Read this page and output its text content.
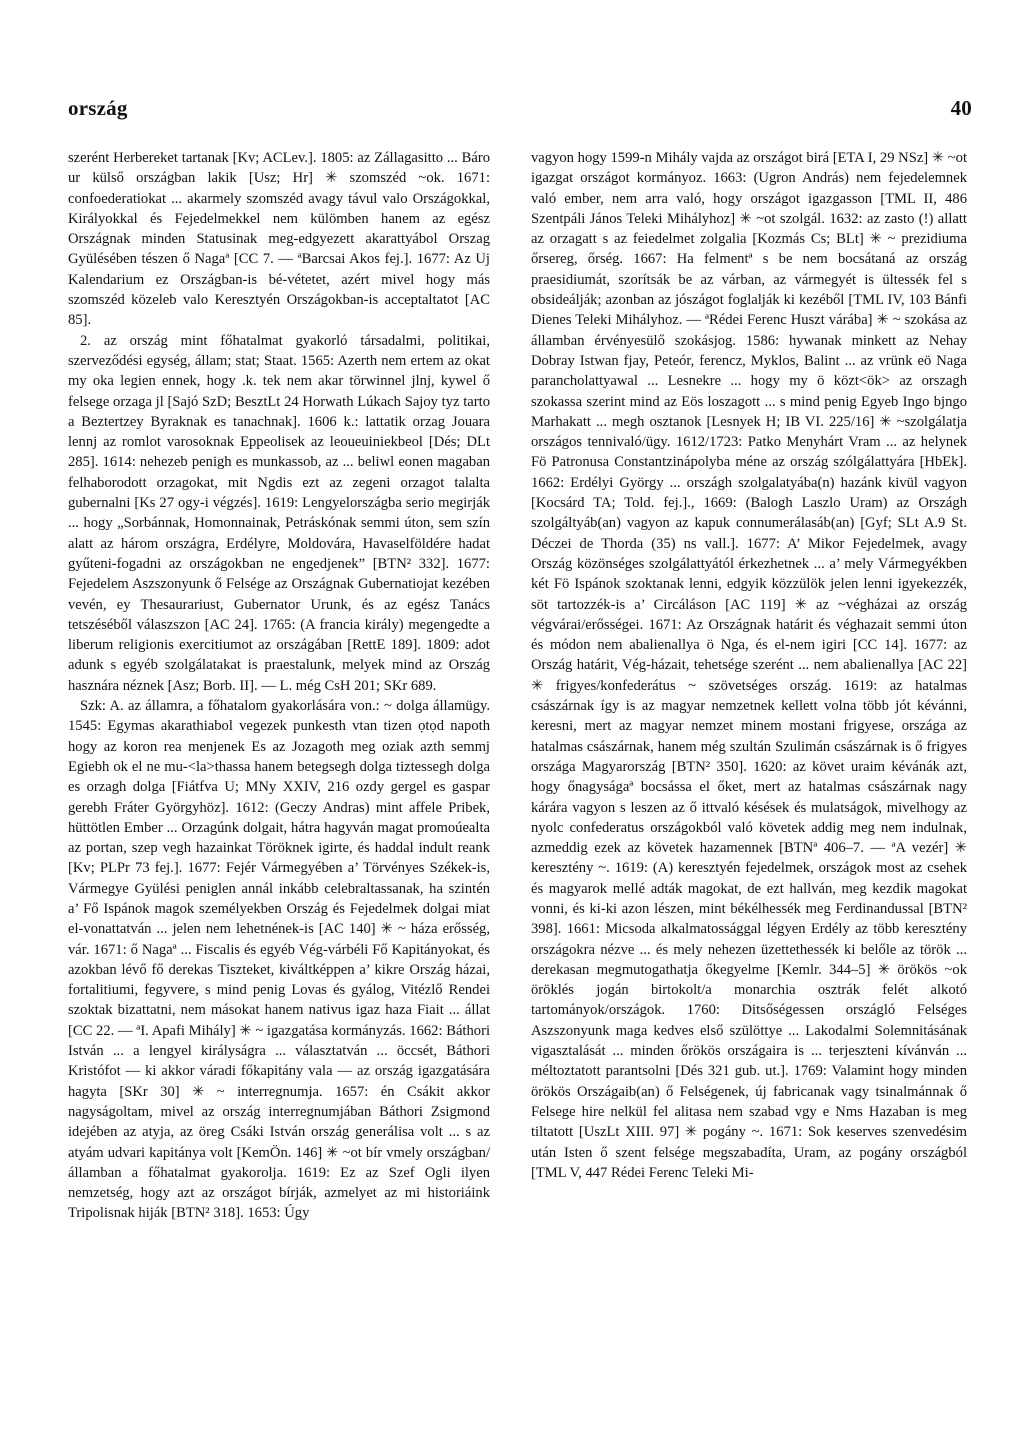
ország	40

szerént Herbereket tartanak [Kv; ACLev.]. 1805: az Zállagasitto ... Báro ur külső országban lakik [Usz; Hr] ✳ szomszéd ~ok. 1671: confoederatiokat ... akarmely szomszéd avagy távul valo Országokkal, Királyokkal és Fejedelmekkel nem külömben hanem az egész Országnak minden Statusinak meg-edgyezett akarattyábol Orszag Gyülésében tészen ő Nagaª [CC 7. — ªBarcsai Akos fej.]. 1677: Az Uj Kalendarium ez Országban-is bé-vétetet, azért mivel hogy más szomszéd közeleb valo Keresztyén Országokban-is acceptaltatot [AC 85].

2. az ország mint főhatalmat gyakorló társadalmi, politikai, szerveződési egység, állam; stat; Staat. 1565: Azerth nem ertem az okat my oka legien ennek, hogy .k. tek nem akar törwinnel jlnj, kywel ő felsege orzaga jl [Sajó SzD; BesztLt 24 Horwath Lúkach Sajoy tyz tarto a Beztertzey Byraknak es tanachnak]. 1606 k.: lattatik orzag Jouara lennj az romlot varosoknak Eppeolisek az leoueuiniekbeol [Dés; DLt 285]. 1614: nehezeb penigh es munkassob, az ... beliwl eonen magaban felhaborodott orzagokat, mit Ngdis ezt az zegeni orzagot talalta gubernalni [Ks 27 ogy-i végzés]. 1619: Lengyelországba serio megirják ... hogy „Sorbánnak, Homonnainak, Petráskónak semmi úton, sem szín alatt az három országra, Erdélyre, Moldovára, Havaselföldére hadat gyűteni-fogadni az országokban ne engedjenek” [BTN² 332]. 1677: Fejedelem Aszszonyunk ő Felsége az Országnak Gubernatiojat kezében vevén, ey Thesaurariust, Gubernator Urunk, és az egész Tanács tetszéséből válaszszon [AC 24]. 1765: (A francia király) megengedte a liberum religionis exercitiumot az országában [RettE 189]. 1809: adot adunk s egyéb szolgálatakat is praestalunk, melyek mind az Ország hasznára néznek [Asz; Borb. II]. — L. még CsH 201; SKr 689.

Szk: A. az államra, a főhatalom gyakorlására von.: ~ dolga államügy. 1545: Egymas akarathiabol vegezek punkesth vtan tizen ọtọd napoth hogy az koron rea menjenek Es az Jozagoth meg oziak azth semmj Egiebh ok el ne mu-<la>thassa hanem betegsegh dolga tiztessegh dolga es orzagh dolga [Fiátfva U; MNy XXIV, 216 ozdy gergel es gaspar gerebh Fráter Györgyhöz]. 1612: (Geczy Andras) mint affele Pribek, hüttötlen Ember ... Orzagúnk dolgait, hátra hagyván magat promoúealta az portan, szep vegh hazainkat Töröknek igirte, és haddal indult reank [Kv; PLPr 73 fej.]. 1677: Fejér Vármegyében a’ Törvényes Székek-is, Vármegye Gyülési peniglen annál inkább celebraltassanak, ha szintén a’ Fő Ispánok magok személyekben Ország és Fejedelmek dolgai miat el-vonattatván ... jelen nem lehetnének-is [AC 140] ✳ ~ háza erősség, vár. 1671: ő Nagaª ... Fiscalis és egyéb Vég-várbéli Fő Kapitányokat, és azokban lévő fő derekas Tiszteket, kiváltképpen a’ kikre Ország házai, fortalitiumi, fegyvere, s mind penig Lovas és gyálog, Vitézlő Rendei szoktak bizattatni, nem másokat hanem nativus igaz haza Fiait ... állat [CC 22. — ªI. Apafi Mihály] ✳ ~ igazgatása kormányzás. 1662: Báthori István ... a lengyel királyságra ... választatván ... öccsét, Báthori Kristófot — ki akkor váradi főkapitány vala — az ország igazgatására hagyta [SKr 30] ✳ ~ interregnumja. 1657: én Csákit akkor nagyságoltam, mivel az ország interregnumjában Báthori Zsigmond idejében az atyja, az öreg Csáki István ország generálisa volt ... s az atyám udvari kapitánya volt [KemÖn. 146] ✳ ~ot bír vmely országban/államban a főhatalmat gyakorolja. 1619: Ez az Szef Ogli ilyen nemzetség, hogy azt az országot bírják, azmelyet az mi historiáink Tripolisnak hiják [BTN² 318]. 1653: Úgy

vagyon hogy 1599-n Mihály vajda az országot birá [ETA I, 29 NSz] ✳ ~ot igazgat országot kormányoz. 1663: (Ugron András) nem fejedelemnek való ember, nem arra való, hogy országot igazgasson [TML II, 486 Szentpáli János Teleki Mihályhoz] ✳ ~ot szolgál. 1632: az zasto (!) allatt az orzagatt s az feiedelmet zolgalia [Kozmás Cs; BLt] ✳ ~ prezidiuma őrsereg, őrség. 1667: Ha felmentª s be nem bocsátaná az ország praesidiumát, szorítsák be az várban, az vármegyét is ültessék fel s obsideálják; azonban az jószágot foglalják ki kezéből [TML IV, 103 Bánfi Dienes Teleki Mihályhoz. — ªRédei Ferenc Huszt várába] ✳ ~ szokása az államban érvényesülő szokásjog. 1586: hywanak minkett az Nehay Dobray Istwan fjay, Peteór, ferencz, Myklos, Balint ... az vrünk eö Naga parancholattyawal ... Lesnekre ... hogy my ö közt<ök> az orszagh szokassa szerint mind az Eös loszagott ... s mind penig Egyeb Ingo bjngo Marhakatt ... megh osztanok [Lesnyek H; IB VI. 225/16] ✳ ~szolgálatja országos tennivaló/ügy. 1612/1723: Patko Menyhárt Vram ... az helynek Fö Patronusa Constantzinápolyba méne az ország szólgálattyára [HbEk]. 1662: Erdélyi György ... országh szolgalatyába(n) hazánk kivül vagyon [Kocsárd TA; Told. fej.]., 1669: (Balogh Laszlo Uram) az Országh szolgáltyáb(an) vagyon az kapuk connumerálasáb(an) [Gyf; SLt A.9 St. Déczei de Thorda (35) ns vall.]. 1677: A’ Mikor Fejedelmek, avagy Ország közönséges szolgálattyától érkezhetnek ... a’ mely Vármegyékben két Fö Ispánok szoktanak lenni, edgyik közzülök jelen lenni igyekezzék, söt tartozzék-is a’ Circáláson [AC 119] ✳ az ~végházai az ország végvárai/erősségei. 1671: Az Országnak határit és véghazait semmi úton és módon nem abalienallya ö Nga, és el-nem igiri [CC 14]. 1677: az Ország határit, Vég-házait, tehetsége szerént ... nem abalienallya [AC 22] ✳ frigyes/konfederátus ~ szövetséges ország. 1619: az hatalmas császárnak így is az magyar nemzetnek kellett volna több jót kévánni, keresni, mert az magyar nemzet minem mostani frigyese, országa az hatalmas császárnak, hanem még szultán Szulimán császárnak is ő frigyes országa Magyarország [BTN² 350]. 1620: az követ uraim kévánák azt, hogy őnagyságaª bocsássa el őket, mert az hatalmas császárnak nagy kárára vagyon s leszen az ő ittvaló késések és mulatságok, mivelhogy az nyolc confederatus országokból való követek addig meg nem indulnak, azmeddig ezek az követek hazamennek [BTNª 406–7. — ªA vezér] ✳ keresztény ~. 1619: (A) keresztyén fejedelmek, országok most az csehek és magyarok mellé adták magokat, de ezt hallván, meg kezdik magokat vonni, és ki-ki azon lészen, mint békélhessék meg Ferdinandussal [BTN² 398]. 1661: Micsoda alkalmatossággal légyen Erdély az több keresztény országokra nézve ... és mely nehezen üzettethessék ki belőle az török ... derekasan megmutogathatja őkegyelme [Kemlr. 344–5] ✳ örökös ~ok öröklés jogán birtokolt/a monarchia osztrák felét alkotó tartományok/országok. 1760: Ditsőségessen országló Felséges Aszszonyunk maga kedves első szülöttye ... Lakodalmi Solemnitásának vigasztalását ... minden őrökös országaira is ... terjeszteni kívánván ... méltoztatott parantsolni [Dés 321 gub. ut.]. 1769: Valamint hogy minden örökös Országaib(an) ő Felségenek, új fabricanak vagy tsinalmánnak ő Felsege hire nelkül fel alitasa nem szabad vgy e Nms Hazaban is meg tiltatott [UszLt XIII. 97] ✳ pogány ~. 1671: Sok keserves szenvedésim után Isten ő szent felsége megszabadíta, Uram, az pogány országból [TML V, 447 Rédei Ferenc Teleki Mi-
